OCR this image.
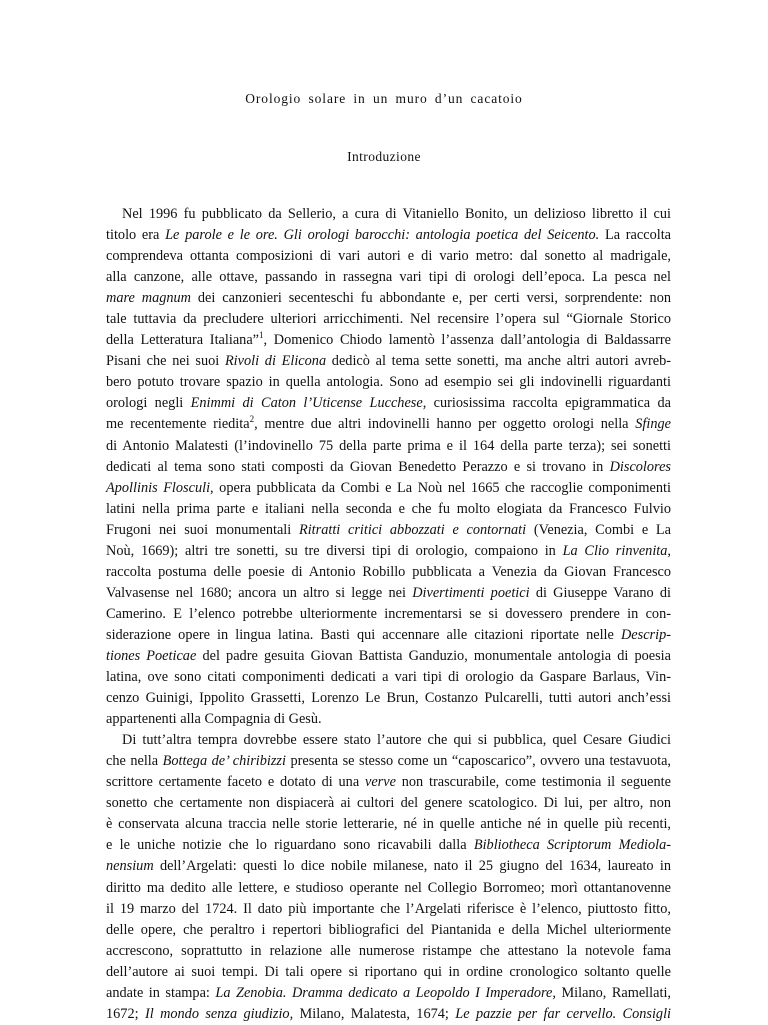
Orologio solare in un muro d’un cacatoio
Introduzione
Nel 1996 fu pubblicato da Sellerio, a cura di Vitaniello Bonito, un delizioso libretto il cui
titolo era Le parole e le ore. Gli orologi barocchi: antologia poetica del Seicento. La raccolta
comprendeva ottanta composizioni di vari autori e di vario metro: dal sonetto al madrigale,
alla canzone, alle ottave, passando in rassegna vari tipi di orologi dell’epoca. La pesca nel
mare magnum dei canzonieri secenteschi fu abbondante e, per certi versi, sorprendente: non
tale tuttavia da precludere ulteriori arricchimenti. Nel recensire l’opera sul “Giornale Storico
della Letteratura Italiana”$^1$, Domenico Chiodo lamentò l’assenza dall’antologia di Baldassarre
Pisani che nei suoi Rivoli di Elicona dedicò al tema sette sonetti, ma anche altri autori avreb-
bero potuto trovare spazio in quella antologia. Sono ad esempio sei gli indovinelli riguardanti
orologi negli Enimmi di Caton l’Uticense Lucchese, curiosissima raccolta epigrammatica da
me recentemente riedita$^2$, mentre due altri indovinelli hanno per oggetto orologi nella Sfinge
di Antonio Malatesti (l’indovinello 75 della parte prima e il 164 della parte terza); sei sonetti
dedicati al tema sono stati composti da Giovan Benedetto Perazzo e si trovano in Discolores
Apollinis Flosculi, opera pubblicata da Combi e La Noù nel 1665 che raccoglie componimenti
latini nella prima parte e italiani nella seconda e che fu molto elogiata da Francesco Fulvio
Frugoni nei suoi monumentali Ritratti critici abbozzati e contornati (Venezia, Combi e La
Noù, 1669); altri tre sonetti, su tre diversi tipi di orologio, compaiono in La Clio rinvenita,
raccolta postuma delle poesie di Antonio Robillo pubblicata a Venezia da Giovan Francesco
Valvasense nel 1680; ancora un altro si legge nei Divertimenti poetici di Giuseppe Varano di
Camerino. E l’elenco potrebbe ulteriormente incrementarsi se si dovessero prendere in con-
siderazione opere in lingua latina. Basti qui accennare alle citazioni riportate nelle Descrip-
tiones Poeticae del padre gesuita Giovan Battista Ganduzio, monumentale antologia di poesia
latina, ove sono citati componimenti dedicati a vari tipi di orologio da Gaspare Barlaus, Vin-
cenzo Guinigi, Ippolito Grassetti, Lorenzo Le Brun, Costanzo Pulcarelli, tutti autori anch’essi
appartenenti alla Compagnia di Gesù.
Di tutt’altra tempra dovrebbe essere stato l’autore che qui si pubblica, quel Cesare Giudici
che nella Bottega de’ chiribizzi presenta se stesso come un “caposcarico”, ovvero una testavuota,
scrittore certamente faceto e dotato di una verve non trascurabile, come testimonia il seguente
sonetto che certamente non dispiacerà ai cultori del genere scatologico. Di lui, per altro, non
è conservata alcuna traccia nelle storie letterarie, né in quelle antiche né in quelle più recenti,
e le uniche notizie che lo riguardano sono ricavabili dalla Bibliotheca Scriptorum Mediola-
nensium dell’Argelati: questi lo dice nobile milanese, nato il 25 giugno del 1634, laureato in
diritto ma dedito alle lettere, e studioso operante nel Collegio Borromeo; morì ottantanovenne
il 19 marzo del 1724. Il dato più importante che l’Argelati riferisce è l’elenco, piuttosto fitto,
delle opere, che peraltro i repertori bibliografici del Piantanida e della Michel ulteriormente
accrescono, soprattutto in relazione alle numerose ristampe che attestano la notevole fama
dell’autore ai suoi tempi. Di tali opere si riportano qui in ordine cronologico soltanto quelle
andate in stampa: La Zenobia. Dramma dedicato a Leopoldo I Imperadore, Milano, Ramellati,
1672; Il mondo senza giudizio, Milano, Malatesta, 1674; Le pazzie per far cervello. Consigli
